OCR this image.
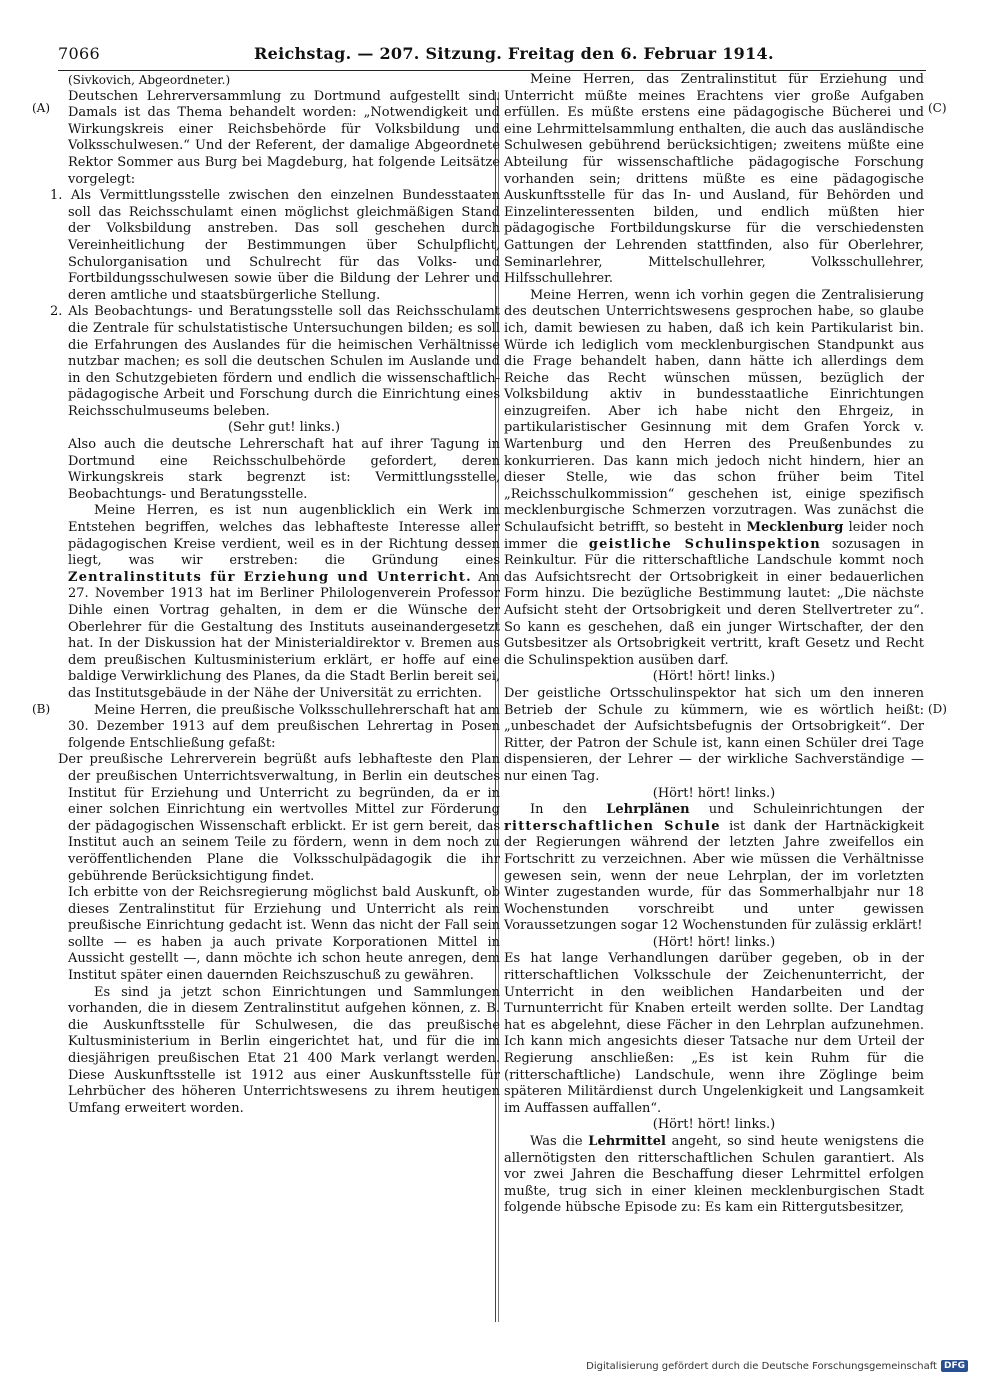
7066	Reichstag. — 207. Sitzung. Freitag den 6. Februar 1914.
(A)
(B)
(C)
(D)

(Sivkovich, Abgeordneter.)

Deutschen Lehrerversammlung zu Dortmund aufgestellt sind. Damals ist das Thema behandelt worden: „Notwendigkeit und Wirkungskreis einer Reichsbehörde für Volksbildung und Volksschulwesen.“ Und der Referent, der damalige Abgeordnete Rektor Sommer aus Burg bei Magdeburg, hat folgende Leitsätze vorgelegt:

1. Als Vermittlungsstelle zwischen den einzelnen Bundesstaaten soll das Reichsschulamt einen möglichst gleichmäßigen Stand der Volksbildung anstreben. Das soll geschehen durch Vereinheitlichung der Bestimmungen über Schulpflicht, Schulorganisation und Schulrecht für das Volks- und Fortbildungsschulwesen sowie über die Bildung der Lehrer und deren amtliche und staatsbürgerliche Stellung.

2. Als Beobachtungs- und Beratungsstelle soll das Reichsschulamt die Zentrale für schulstatistische Untersuchungen bilden; es soll die Erfahrungen des Auslandes für die heimischen Verhältnisse nutzbar machen; es soll die deutschen Schulen im Auslande und in den Schutzgebieten fördern und endlich die wissenschaftlich-pädagogische Arbeit und Forschung durch die Einrichtung eines Reichsschulmuseums beleben.

(Sehr gut! links.)

Also auch die deutsche Lehrerschaft hat auf ihrer Tagung in Dortmund eine Reichsschulbehörde gefordert, deren Wirkungskreis stark begrenzt ist: Vermittlungsstelle, Beobachtungs- und Beratungsstelle.

Meine Herren, es ist nun augenblicklich ein Werk im Entstehen begriffen, welches das lebhafteste Interesse aller pädagogischen Kreise verdient, weil es in der Richtung dessen liegt, was wir erstreben: die Gründung eines Zentralinstituts für Erziehung und Unterricht. Am 27. November 1913 hat im Berliner Philologenverein Professor Dihle einen Vortrag gehalten, in dem er die Wünsche der Oberlehrer für die Gestaltung des Instituts auseinandergesetzt hat. In der Diskussion hat der Ministerialdirektor v. Bremen aus dem preußischen Kultusministerium erklärt, er hoffe auf eine baldige Verwirklichung des Planes, da die Stadt Berlin bereit sei, das Institutsgebäude in der Nähe der Universität zu errichten.

Meine Herren, die preußische Volksschullehrerschaft hat am 30. Dezember 1913 auf dem preußischen Lehrertag in Posen folgende Entschließung gefaßt:

Der preußische Lehrerverein begrüßt aufs lebhafteste den Plan der preußischen Unterrichtsverwaltung, in Berlin ein deutsches Institut für Erziehung und Unterricht zu begründen, da er in einer solchen Einrichtung ein wertvolles Mittel zur Förderung der pädagogischen Wissenschaft erblickt. Er ist gern bereit, das Institut auch an seinem Teile zu fördern, wenn in dem noch zu veröffentlichenden Plane die Volksschulpädagogik die ihr gebührende Berücksichtigung findet.

Ich erbitte von der Reichsregierung möglichst bald Auskunft, ob dieses Zentralinstitut für Erziehung und Unterricht als rein preußische Einrichtung gedacht ist. Wenn das nicht der Fall sein sollte — es haben ja auch private Korporationen Mittel in Aussicht gestellt —, dann möchte ich schon heute anregen, dem Institut später einen dauernden Reichszuschuß zu gewähren.

Es sind ja jetzt schon Einrichtungen und Sammlungen vorhanden, die in diesem Zentralinstitut aufgehen können, z. B. die Auskunftsstelle für Schulwesen, die das preußische Kultusministerium in Berlin eingerichtet hat, und für die im diesjährigen preußischen Etat 21 400 Mark verlangt werden. Diese Auskunftsstelle ist 1912 aus einer Auskunftsstelle für Lehrbücher des höheren Unterrichtswesens zu ihrem heutigen Umfang erweitert worden.

Meine Herren, das Zentralinstitut für Erziehung und Unterricht müßte meines Erachtens vier große Aufgaben erfüllen. Es müßte erstens eine pädagogische Bücherei und eine Lehrmittelsammlung enthalten, die auch das ausländische Schulwesen gebührend berücksichtigen; zweitens müßte eine Abteilung für wissenschaftliche pädagogische Forschung vorhanden sein; drittens müßte es eine pädagogische Auskunftsstelle für das In- und Ausland, für Behörden und Einzelinteressenten bilden, und endlich müßten hier pädagogische Fortbildungskurse für die verschiedensten Gattungen der Lehrenden stattfinden, also für Oberlehrer, Seminarlehrer, Mittelschullehrer, Volksschullehrer, Hilfsschullehrer.

Meine Herren, wenn ich vorhin gegen die Zentralisierung des deutschen Unterrichtswesens gesprochen habe, so glaube ich, damit bewiesen zu haben, daß ich kein Partikularist bin. Würde ich lediglich vom mecklenburgischen Standpunkt aus die Frage behandelt haben, dann hätte ich allerdings dem Reiche das Recht wünschen müssen, bezüglich der Volksbildung aktiv in bundesstaatliche Einrichtungen einzugreifen. Aber ich habe nicht den Ehrgeiz, in partikularistischer Gesinnung mit dem Grafen Yorck v. Wartenburg und den Herren des Preußenbundes zu konkurrieren. Das kann mich jedoch nicht hindern, hier an dieser Stelle, wie das schon früher beim Titel „Reichsschulkommission“ geschehen ist, einige spezifisch mecklenburgische Schmerzen vorzutragen. Was zunächst die Schulaufsicht betrifft, so besteht in Mecklenburg leider noch immer die geistliche Schulinspektion sozusagen in Reinkultur. Für die ritterschaftliche Landschule kommt noch das Aufsichtsrecht der Ortsobrigkeit in einer bedauerlichen Form hinzu. Die bezügliche Bestimmung lautet: „Die nächste Aufsicht steht der Ortsobrigkeit und deren Stellvertreter zu“. So kann es geschehen, daß ein junger Wirtschafter, der den Gutsbesitzer als Ortsobrigkeit vertritt, kraft Gesetz und Recht die Schulinspektion ausüben darf.

(Hört! hört! links.)

Der geistliche Ortsschulinspektor hat sich um den inneren Betrieb der Schule zu kümmern, wie es wörtlich heißt: „unbeschadet der Aufsichtsbefugnis der Ortsobrigkeit“. Der Ritter, der Patron der Schule ist, kann einen Schüler drei Tage dispensieren, der Lehrer — der wirkliche Sachverständige — nur einen Tag.

(Hört! hört! links.)

In den Lehrplänen und Schuleinrichtungen der ritterschaftlichen Schule ist dank der Hartnäckigkeit der Regierungen während der letzten Jahre zweifellos ein Fortschritt zu verzeichnen. Aber wie müssen die Verhältnisse gewesen sein, wenn der neue Lehrplan, der im vorletzten Winter zugestanden wurde, für das Sommerhalbjahr nur 18 Wochenstunden vorschreibt und unter gewissen Voraussetzungen sogar 12 Wochenstunden für zulässig erklärt!

(Hört! hört! links.)

Es hat lange Verhandlungen darüber gegeben, ob in der ritterschaftlichen Volksschule der Zeichenunterricht, der Unterricht in den weiblichen Handarbeiten und der Turnunterricht für Knaben erteilt werden sollte. Der Landtag hat es abgelehnt, diese Fächer in den Lehrplan aufzunehmen. Ich kann mich angesichts dieser Tatsache nur dem Urteil der Regierung anschließen: „Es ist kein Ruhm für die (ritterschaftliche) Landschule, wenn ihre Zöglinge beim späteren Militärdienst durch Ungelenkigkeit und Langsamkeit im Auffassen auffallen“.

(Hört! hört! links.)

Was die Lehrmittel angeht, so sind heute wenigstens die allernötigsten den ritterschaftlichen Schulen garantiert. Als vor zwei Jahren die Beschaffung dieser Lehrmittel erfolgen mußte, trug sich in einer kleinen mecklenburgischen Stadt folgende hübsche Episode zu: Es kam ein Rittergutsbesitzer,

Digitalisierung gefördert durch die Deutsche Forschungsgemeinschaft DFG
